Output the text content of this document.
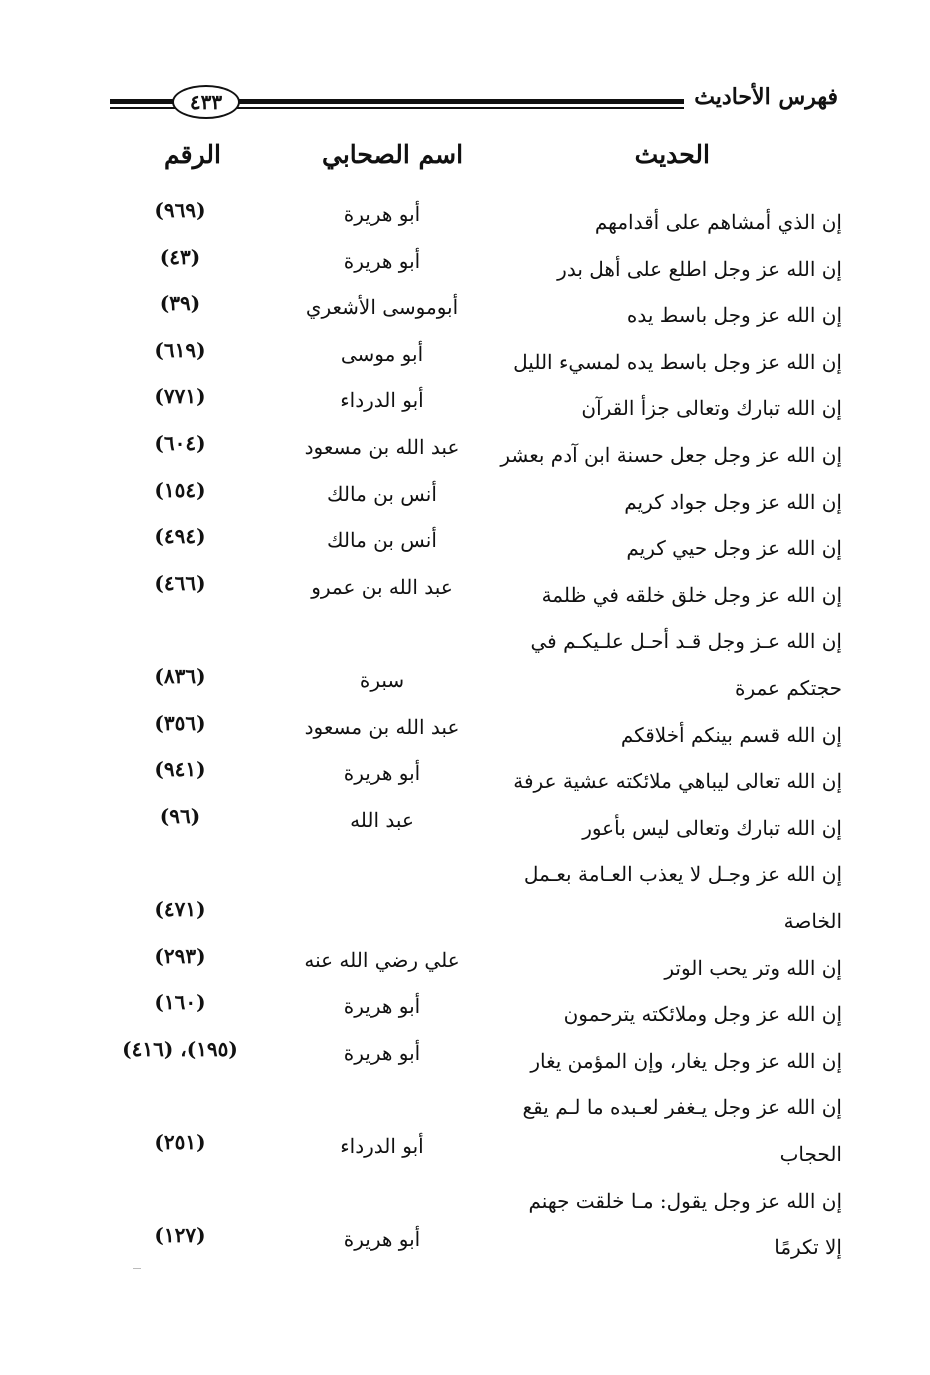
٤٣٣	فهرس الأحاديث
الحديث
اسم الصحابي
الرقم
إن الذي أمشاهم على أقدامهم
أبو هريرة
(٩٦٩)
إن الله عز وجل اطلع على أهل بدر
أبو هريرة
(٤٣)
إن الله عز وجل باسط يده
أبوموسى الأشعري
(٣٩)
إن الله عز وجل باسط يده لمسيء الليل
أبو موسى
(٦١٩)
إن الله تبارك وتعالى جزأ القرآن
أبو الدرداء
(٧٧١)
إن الله عز وجل جعل حسنة ابن آدم بعشر
عبد الله بن مسعود
(٦٠٤)
إن الله عز وجل جواد كريم
أنس بن مالك
(١٥٤)
إن الله عز وجل حيي كريم
أنس بن مالك
(٤٩٤)
إن الله عز وجل خلق خلقه في ظلمة
عبد الله بن عمرو
(٤٦٦)
إن الله عـز وجل قـد أحـل علـيكـم في
حجتكم عمرة
سبرة
(٨٣٦)
إن الله قسم بينكم أخلاقكم
عبد الله بن مسعود
(٣٥٦)
إن الله تعالى ليباهي ملائكته عشية عرفة
أبو هريرة
(٩٤١)
إن الله تبارك وتعالى ليس بأعور
عبد الله
(٩٦)
إن الله عز وجـل لا يعذب العـامة بعـمل
الخاصة
(٤٧١)
إن الله وتر يحب الوتر
علي رضي الله عنه
(٢٩٣)
إن الله عز وجل وملائكته يترحمون
أبو هريرة
(١٦٠)
إن الله عز وجل يغار، وإن المؤمن يغار
أبو هريرة
(١٩٥)، (٤١٦)
إن الله عز وجل يـغفر لعـبده ما لـم يقع
الحجاب
أبو الدرداء
(٢٥١)
إن الله عز وجل يقول: مـا خلقت جهنم
إلا تكرمًا
أبو هريرة
(١٢٧)
